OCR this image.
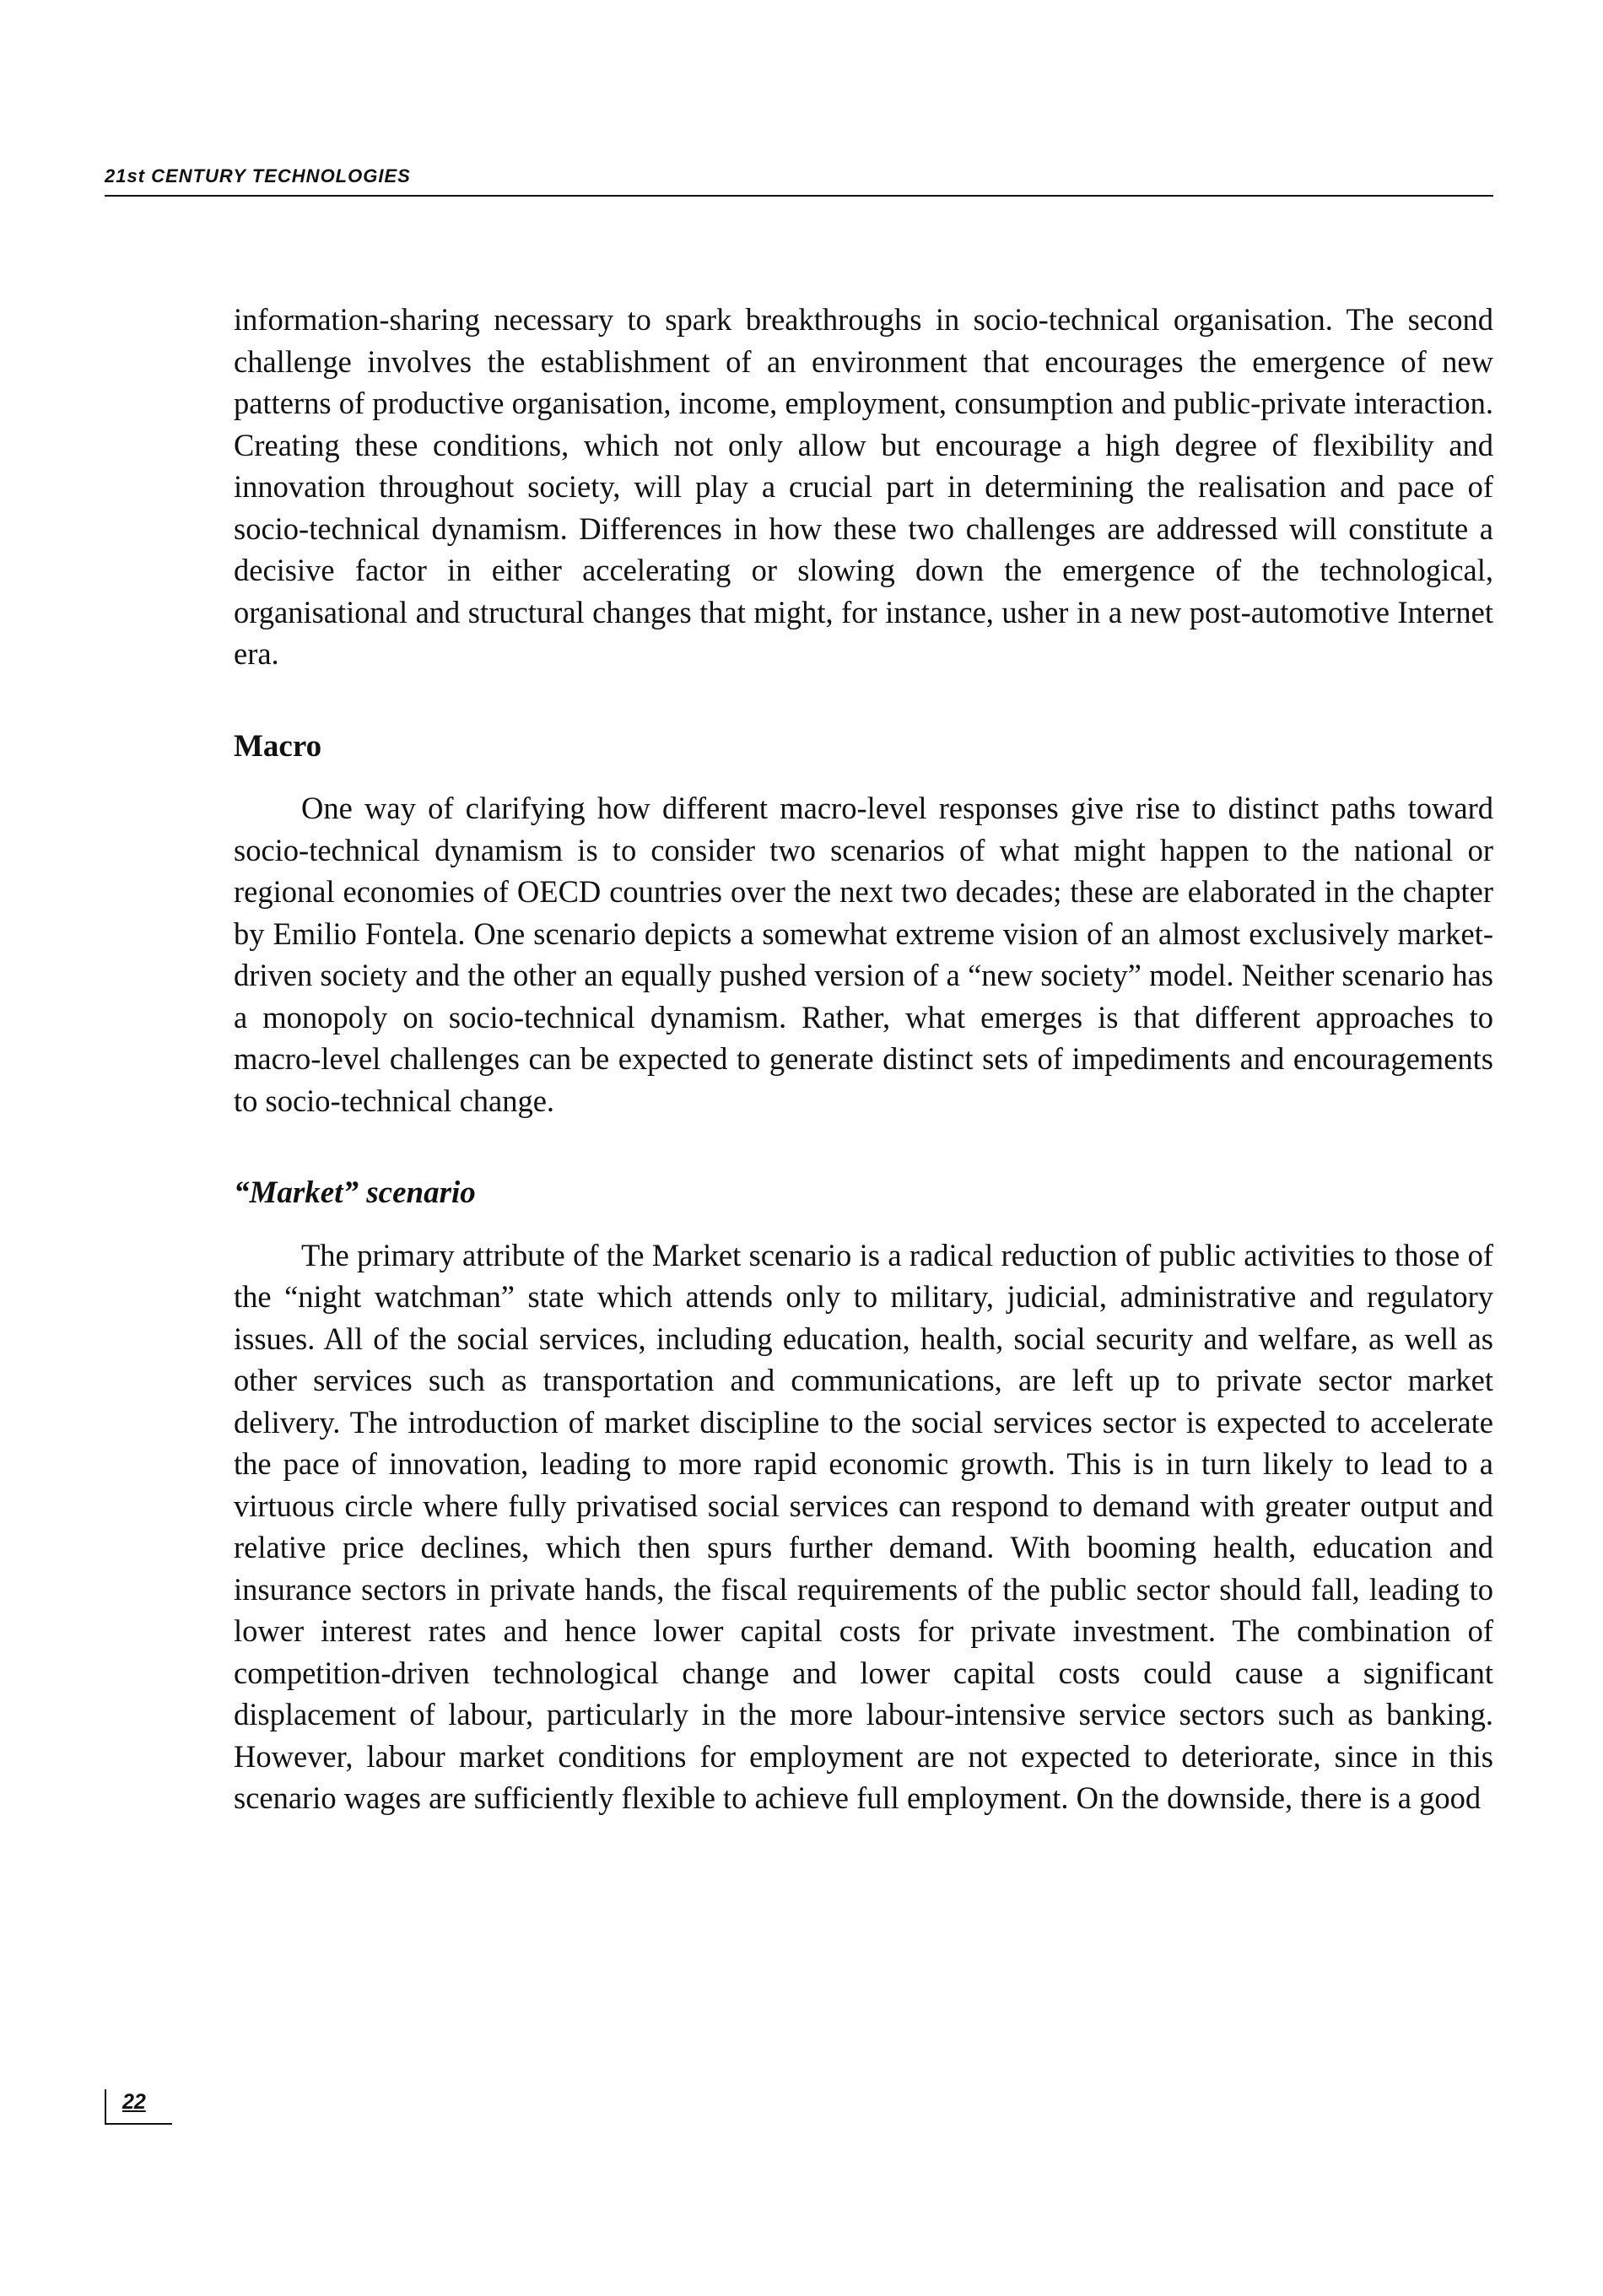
21st CENTURY TECHNOLOGIES

information-sharing necessary to spark breakthroughs in socio-technical organisation. The second challenge involves the establishment of an environment that encourages the emergence of new patterns of productive organisation, income, employment, consumption and public-private interaction. Creating these conditions, which not only allow but encourage a high degree of flexibility and innovation throughout society, will play a crucial part in determining the realisation and pace of socio-technical dynamism. Differences in how these two challenges are addressed will constitute a decisive factor in either accelerating or slowing down the emergence of the technological, organisational and structural changes that might, for instance, usher in a new post-automotive Internet era.

Macro

One way of clarifying how different macro-level responses give rise to distinct paths toward socio-technical dynamism is to consider two scenarios of what might happen to the national or regional economies of OECD countries over the next two decades; these are elaborated in the chapter by Emilio Fontela. One scenario depicts a somewhat extreme vision of an almost exclusively market-driven society and the other an equally pushed version of a “new society” model. Neither scenario has a monopoly on socio-technical dynamism. Rather, what emerges is that different approaches to macro-level challenges can be expected to generate distinct sets of impediments and encouragements to socio-technical change.

“Market” scenario

The primary attribute of the Market scenario is a radical reduction of public activities to those of the “night watchman” state which attends only to military, judicial, administrative and regulatory issues. All of the social services, including education, health, social security and welfare, as well as other services such as transportation and communications, are left up to private sector market delivery. The introduction of market discipline to the social services sector is expected to accelerate the pace of innovation, leading to more rapid economic growth. This is in turn likely to lead to a virtuous circle where fully privatised social services can respond to demand with greater output and relative price declines, which then spurs further demand. With booming health, education and insurance sectors in private hands, the fiscal requirements of the public sector should fall, leading to lower interest rates and hence lower capital costs for private investment. The combination of competition-driven technological change and lower capital costs could cause a significant displacement of labour, particularly in the more labour-intensive service sectors such as banking. However, labour market conditions for employment are not expected to deteriorate, since in this scenario wages are sufficiently flexible to achieve full employment. On the downside, there is a good

22
